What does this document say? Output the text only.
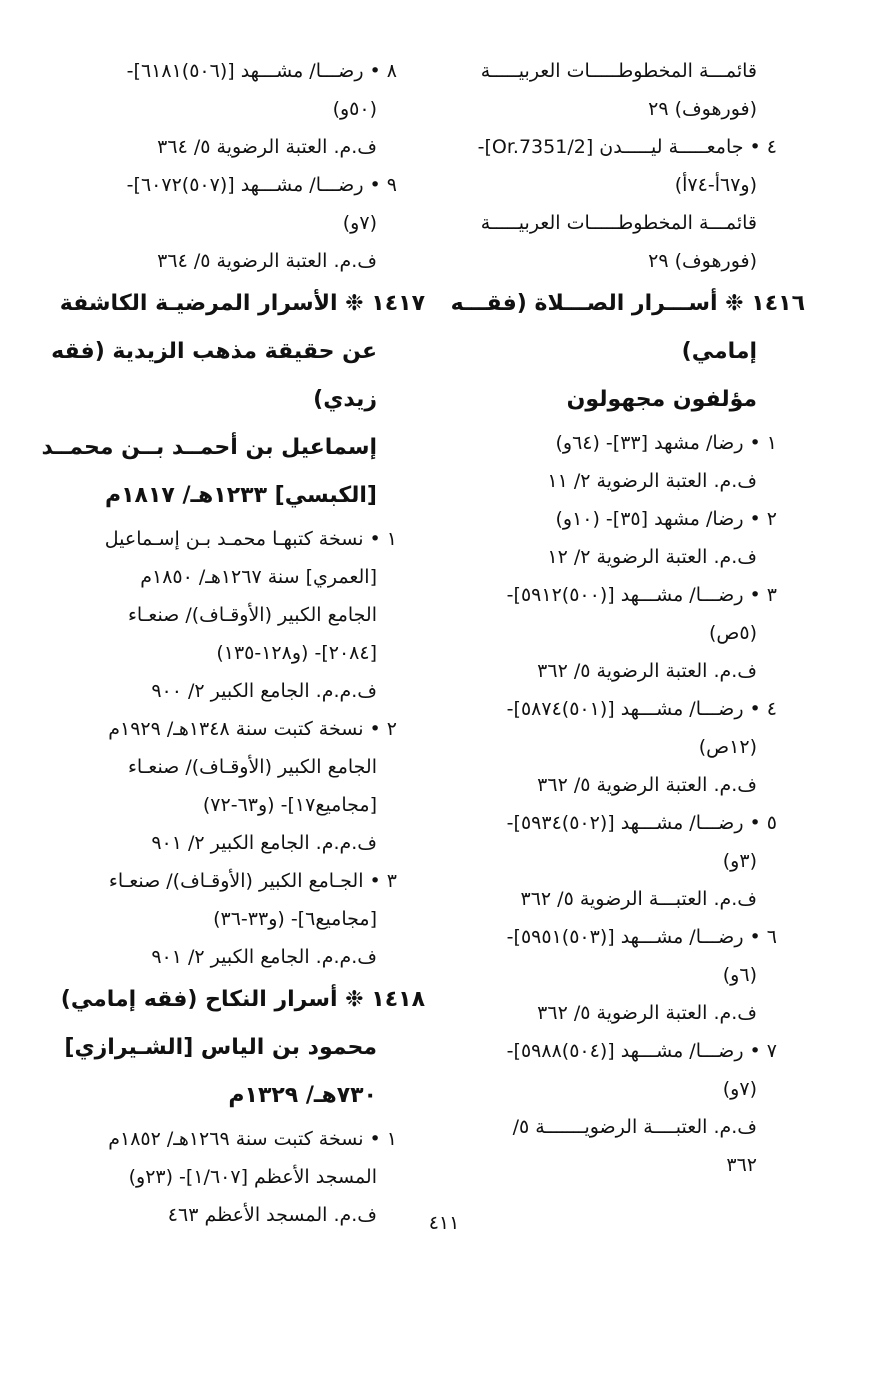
قائمـــة المخطوطـــــات العربيـــــة
(فورهوف) ٢٩
٤ • جامعـــــة ليـــــدن [Or.7351/2]-
(و٦٧أ-٧٤أ)
قائمـــة المخطوطـــــات العربيـــــة
(فورهوف) ٢٩
١٤١٦ ❉ أســـرار الصـــلاة (فقـــه
إمامي)
مؤلفون مجهولون
١ • رضا/ مشهد [٣٣]- (٦٤و)
ف.م. العتبة الرضوية ٢/ ١١
٢ • رضا/ مشهد [٣٥]- (١٠و)
ف.م. العتبة الرضوية ٢/ ١٢
٣ • رضـــا/ مشـــهد [(٥٠٠)٥٩١٢]-
(٥ص)
ف.م. العتبة الرضوية ٥/ ٣٦٢
٤ • رضـــا/ مشـــهد [(٥٠١)٥٨٧٤]-
(١٢ص)
ف.م. العتبة الرضوية ٥/ ٣٦٢
٥ • رضـــا/ مشـــهد [(٥٠٢)٥٩٣٤]-
(٣و)
ف.م. العتبـــة الرضوية ٥/ ٣٦٢
٦ • رضـــا/ مشـــهد [(٥٠٣)٥٩٥١]-
(٦و)
ف.م. العتبة الرضوية ٥/ ٣٦٢
٧ • رضـــا/ مشـــهد [(٥٠٤)٥٩٨٨]-
(٧و)
ف.م. العتبــــة الرضويـــــــة ٥/
٣٦٢
٨ • رضـــا/ مشـــهد [(٥٠٦)٦١٨١]-
(٥٠و)
ف.م. العتبة الرضوية ٥/ ٣٦٤
٩ • رضـــا/ مشـــهد [(٥٠٧)٦٠٧٢]-
(٧و)
ف.م. العتبة الرضوية ٥/ ٣٦٤
١٤١٧ ❉ الأسرار المرضيـة الكاشفة
عن حقيقة مذهب الزيدية (فقه
زيدي)
إسماعيل بن أحمــد بــن محمــد
[الكبسي] ١٢٣٣هـ/ ١٨١٧م
١ • نسخة كتبهـا محمـد بـن إسـماعيل
[العمري] سنة ١٢٦٧هـ/ ١٨٥٠م
الجامع الكبير (الأوقـاف)/ صنعـاء
[٢٠٨٤]- (و١٢٨-١٣٥)
ف.م.م. الجامع الكبير ٢/ ٩٠٠
٢ • نسخة كتبت سنة ١٣٤٨هـ/ ١٩٢٩م
الجامع الكبير (الأوقـاف)/ صنعـاء
[مجاميع١٧]- (و٦٣-٧٢)
ف.م.م. الجامع الكبير ٢/ ٩٠١
٣ • الجـامع الكبير (الأوقـاف)/ صنعـاء
[مجاميع٦]- (و٣٣-٣٦)
ف.م.م. الجامع الكبير ٢/ ٩٠١
١٤١٨ ❉ أسرار النكاح (فقه إمامي)
محمود بن الياس [الشـيرازي]
٧٣٠هـ/ ١٣٢٩م
١ • نسخة كتبت سنة ١٢٦٩هـ/ ١٨٥٢م
المسجد الأعظم [١/٦٠٧]- (٢٣و)
ف.م. المسجد الأعظم ٤٦٣	٤١١
